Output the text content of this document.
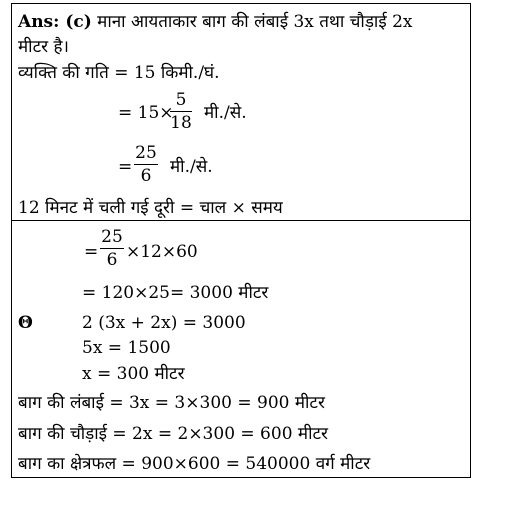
Ans: (c) माना आयताकार बाग की लंबाई 3x तथा चौड़ाई 2x
मीटर है।
व्यक्ति की गति = 15 किमी./घं.
= 15×
5
18 मी./से.
=
25
6	मी./से.
12 मिनट में चली गई दूरी = चाल × समय
=
25
6 ×12×60
= 120×25= 3000 मीटर
Θ	2 (3x + 2x) = 3000
5x = 1500
x = 300 मीटर
बाग की लंबाई = 3x = 3×300 = 900 मीटर
बाग की चौड़ाई = 2x = 2×300 = 600 मीटर
बाग का क्षेत्रफल = 900×600 = 540000 वर्ग मीटर
